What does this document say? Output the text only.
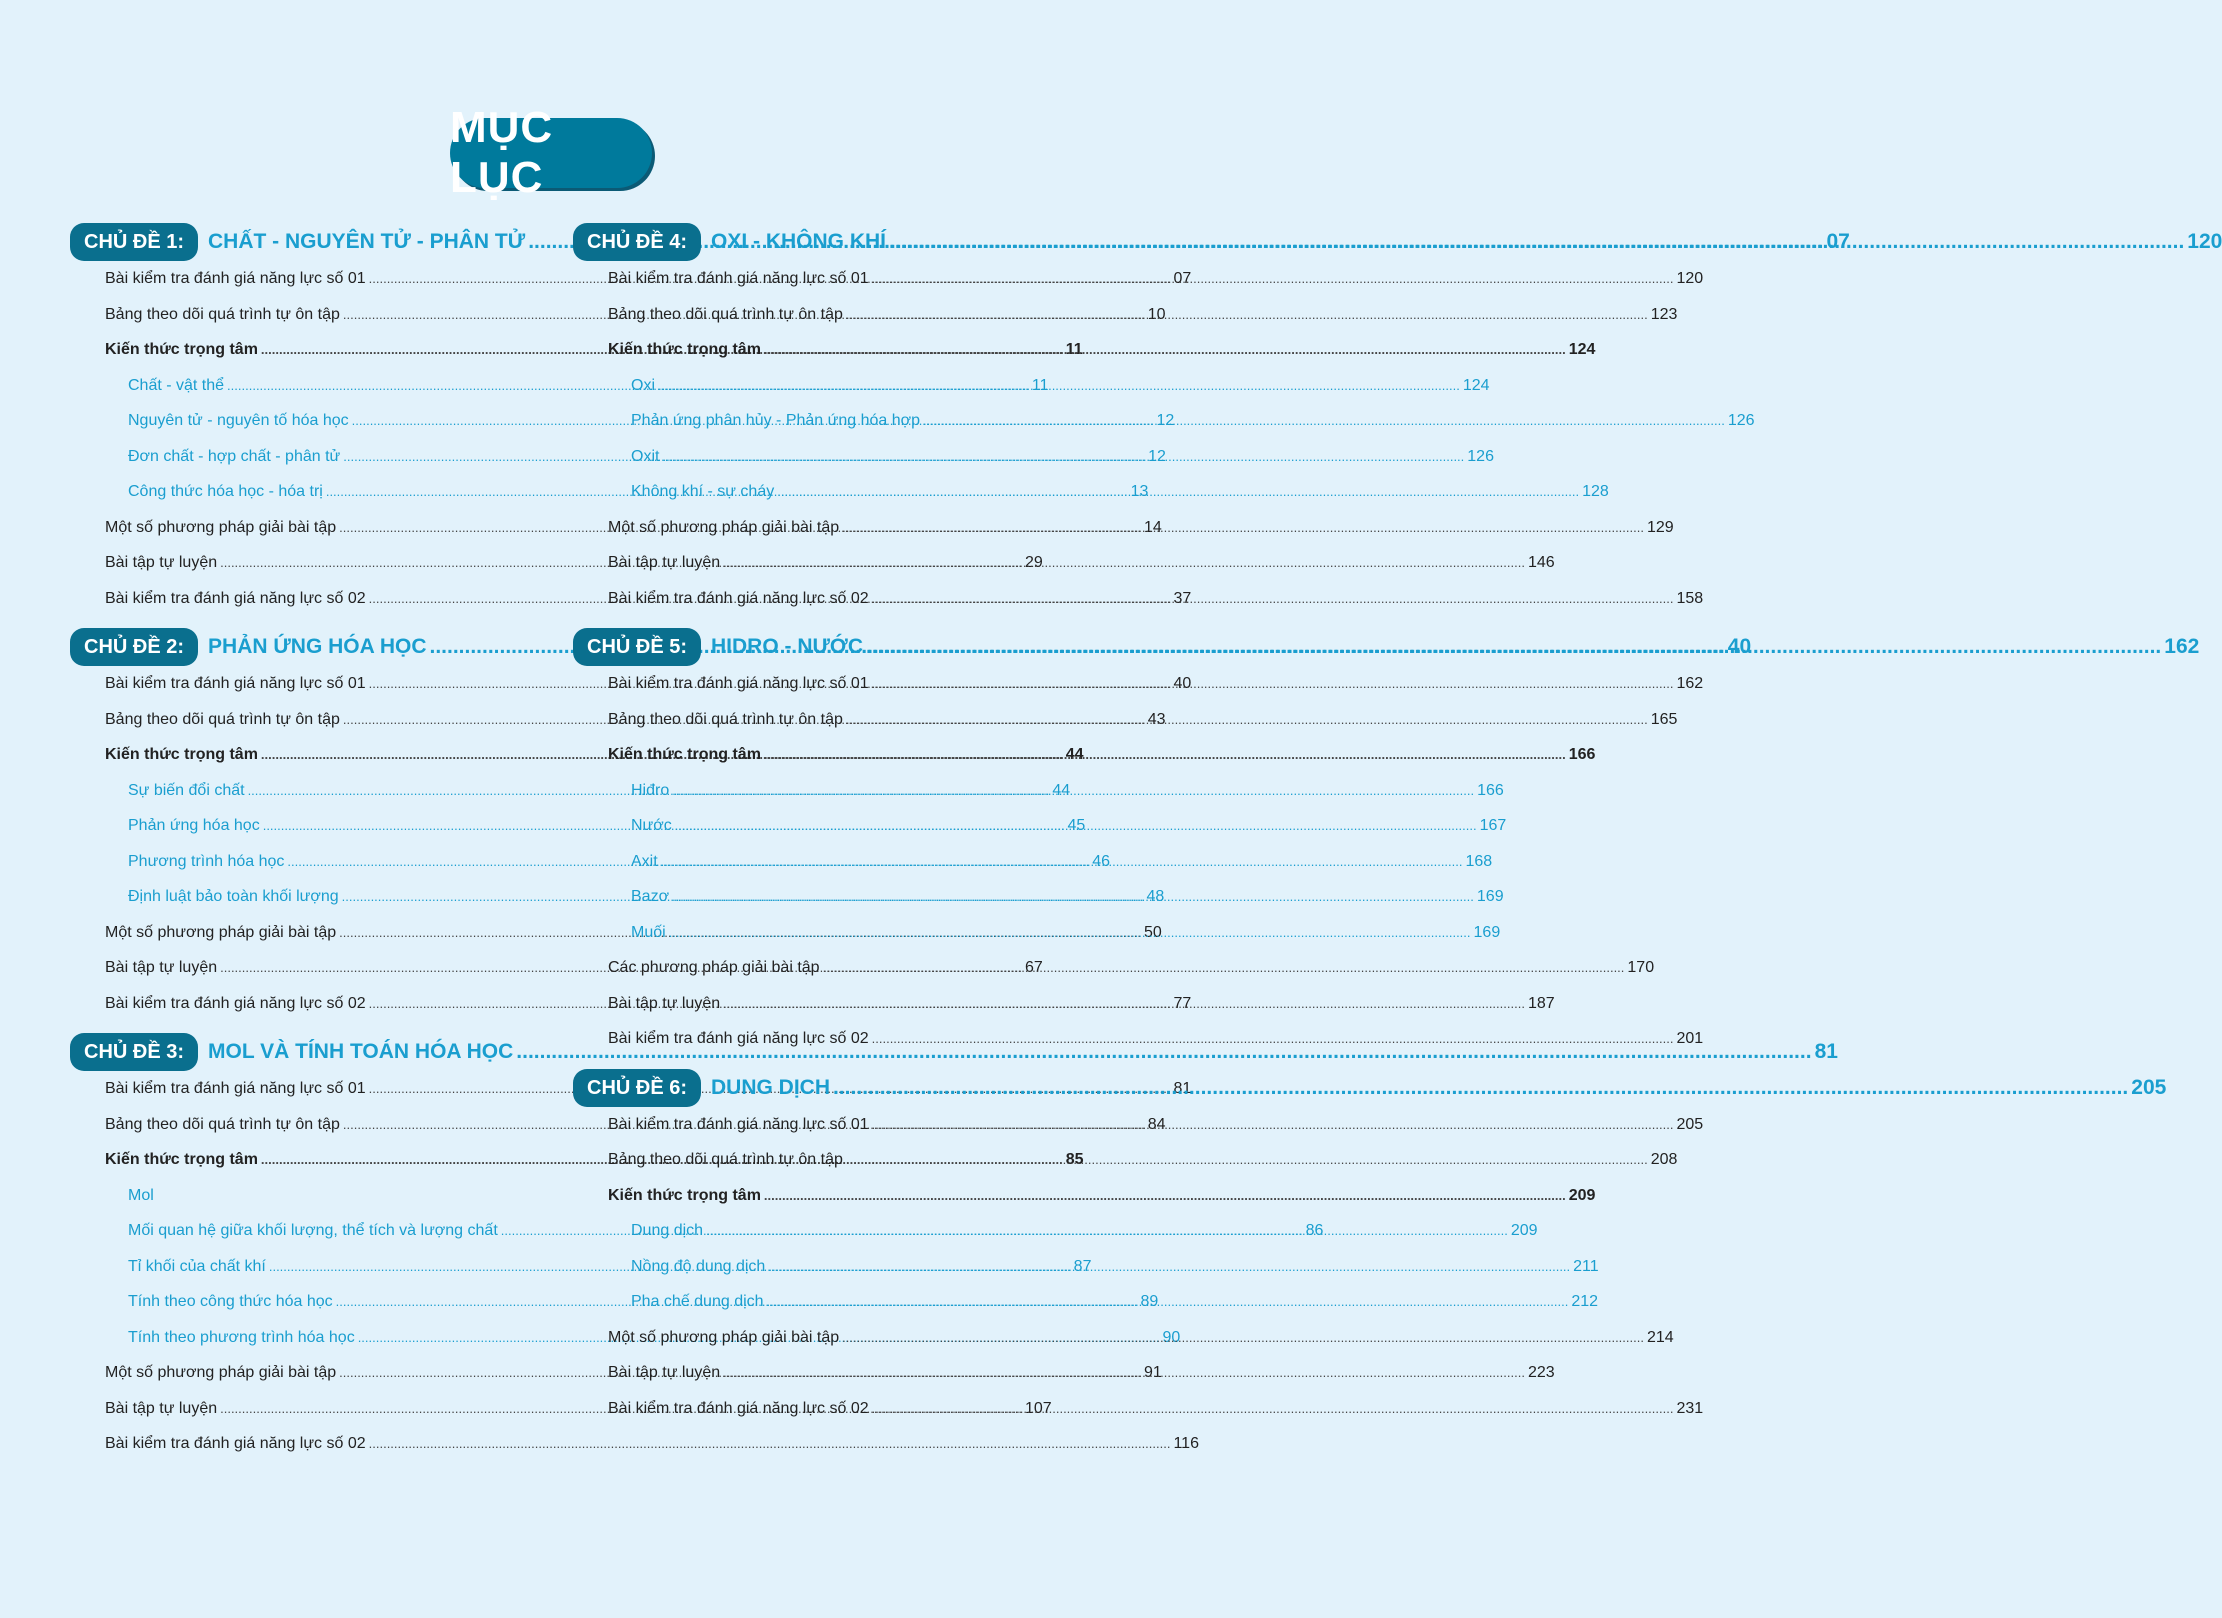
MỤC LỤC
CHỦ ĐỀ 1:	CHẤT - NGUYÊN TỬ - PHÂN TỬ .....	07
Bài kiểm tra đánh giá năng lực số 01 .....	07
Bảng theo dõi quá trình tự ôn tập .....	10
Kiến thức trọng tâm .....	11
Chất - vật thể .....	11
Nguyên tử - nguyên tố hóa học .....	12
Đơn chất - hợp chất - phân tử .....	12
Công thức hóa học - hóa trị .....	13
Một số phương pháp giải bài tập .....	14
Bài tập tự luyện .....	29
Bài kiểm tra đánh giá năng lực số 02 .....	37
CHỦ ĐỀ 2:	PHẢN ỨNG HÓA HỌC .....	40
Bài kiểm tra đánh giá năng lực số 01 .....	40
Bảng theo dõi quá trình tự ôn tập .....	43
Kiến thức trọng tâm .....	44
Sự biến đổi chất .....	44
Phản ứng hóa học .....	45
Phương trình hóa học .....	46
Định luật bảo toàn khối lượng .....	48
Một số phương pháp giải bài tập .....	50
Bài tập tự luyện .....	67
Bài kiểm tra đánh giá năng lực số 02 .....	77
CHỦ ĐỀ 3:	MOL VÀ TÍNH TOÁN HÓA HỌC .....	81
Bài kiểm tra đánh giá năng lực số 01 .....	81
Bảng theo dõi quá trình tự ôn tập .....	84
Kiến thức trọng tâm .....	85
Mol
Mối quan hệ giữa khối lượng, thể tích và lượng chất .....	86
Tỉ khối của chất khí .....	87
Tính theo công thức hóa học .....	89
Tính theo phương trình hóa học .....	90
Một số phương pháp giải bài tập .....	91
Bài tập tự luyện .....	107
Bài kiểm tra đánh giá năng lực số 02 .....	116
CHỦ ĐỀ 4:	OXI - KHÔNG KHÍ .....	120
Bài kiểm tra đánh giá năng lực số 01 .....	120
Bảng theo dõi quá trình tự ôn tập .....	123
Kiến thức trọng tâm .....	124
Oxi .....	124
Phản ứng phân hủy - Phản ứng hóa hợp .....	126
Oxit .....	126
Không khí - sự cháy .....	128
Một số phương pháp giải bài tập .....	129
Bài tập tự luyện .....	146
Bài kiểm tra đánh giá năng lực số 02 .....	158
CHỦ ĐỀ 5:	HIDRO - NƯỚC .....	162
Bài kiểm tra đánh giá năng lực số 01 .....	162
Bảng theo dõi quá trình tự ôn tập .....	165
Kiến thức trọng tâm .....	166
Hiđro .....	166
Nước .....	167
Axit .....	168
Bazơ .....	169
Muối .....	169
Các phương pháp giải bài tập .....	170
Bài tập tự luyện .....	187
Bài kiểm tra đánh giá năng lực số 02 .....	201
CHỦ ĐỀ 6:	DUNG DỊCH .....	205
Bài kiểm tra đánh giá năng lực số 01 .....	205
Bảng theo dõi quá trình tự ôn tập .....	208
Kiến thức trọng tâm .....	209
Dung dịch .....	209
Nồng độ dung dịch .....	211
Pha chế dung dịch .....	212
Một số phương pháp giải bài tập .....	214
Bài tập tự luyện .....	223
Bài kiểm tra đánh giá năng lực số 02 .....	231
